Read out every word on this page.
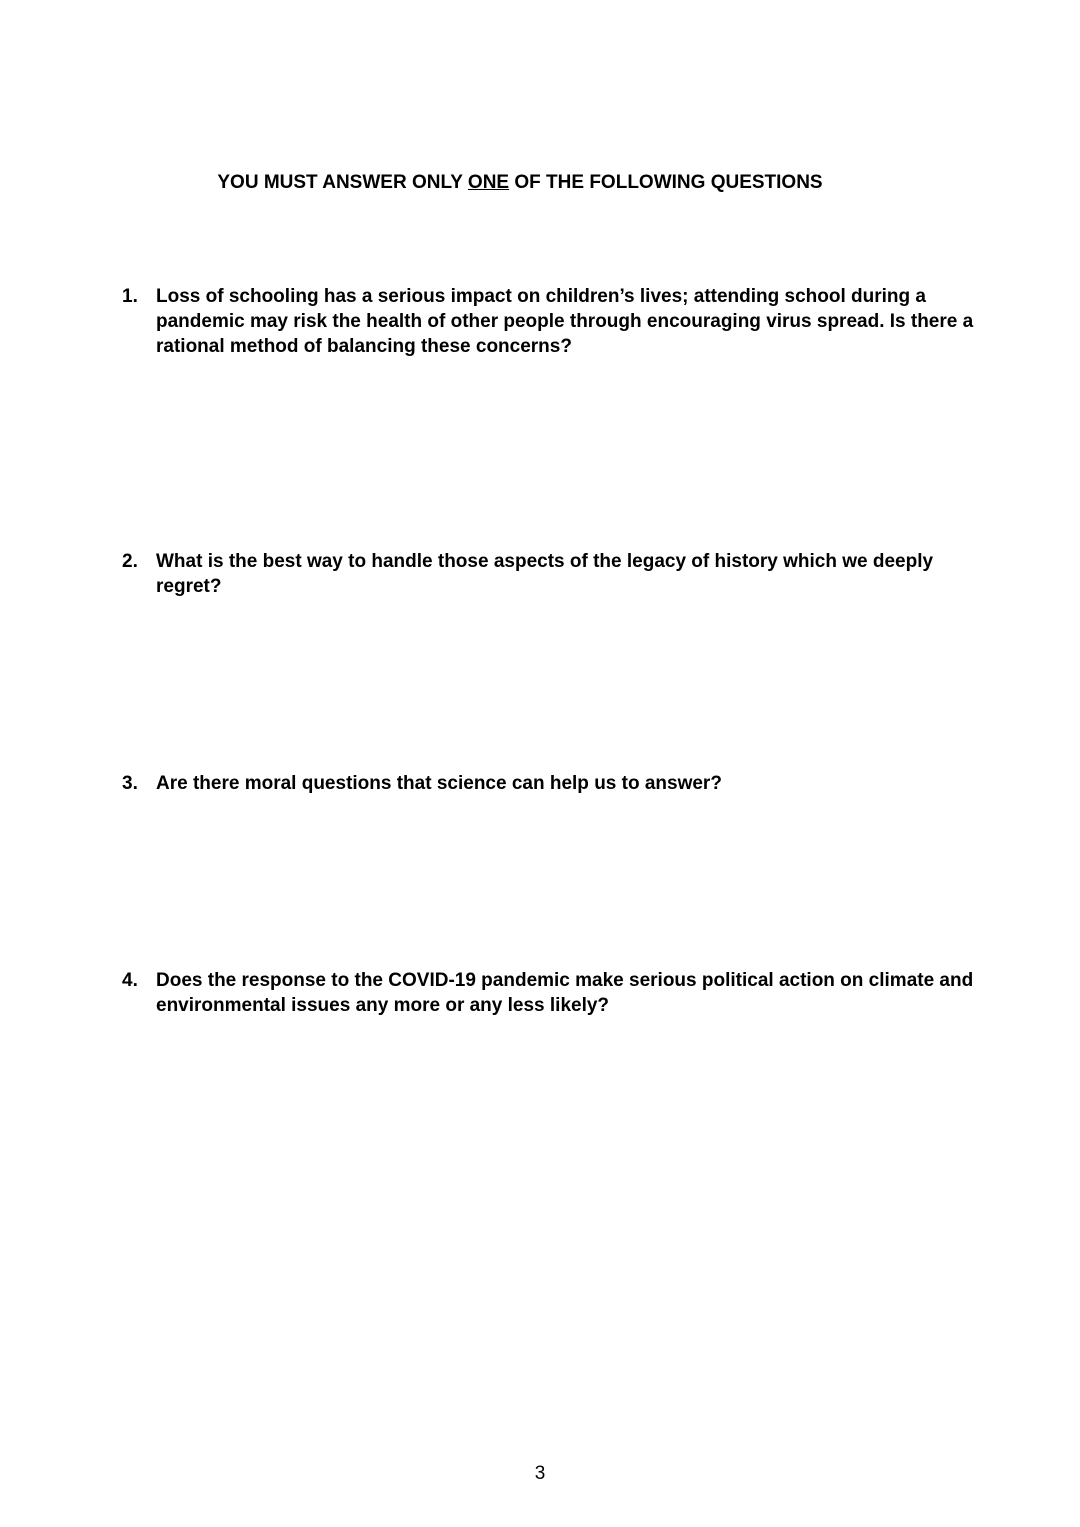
YOU MUST ANSWER ONLY ONE OF THE FOLLOWING QUESTIONS
1. Loss of schooling has a serious impact on children’s lives; attending school during a pandemic may risk the health of other people through encouraging virus spread. Is there a rational method of balancing these concerns?
2. What is the best way to handle those aspects of the legacy of history which we deeply regret?
3. Are there moral questions that science can help us to answer?
4. Does the response to the COVID-19 pandemic make serious political action on climate and environmental issues any more or any less likely?
3
